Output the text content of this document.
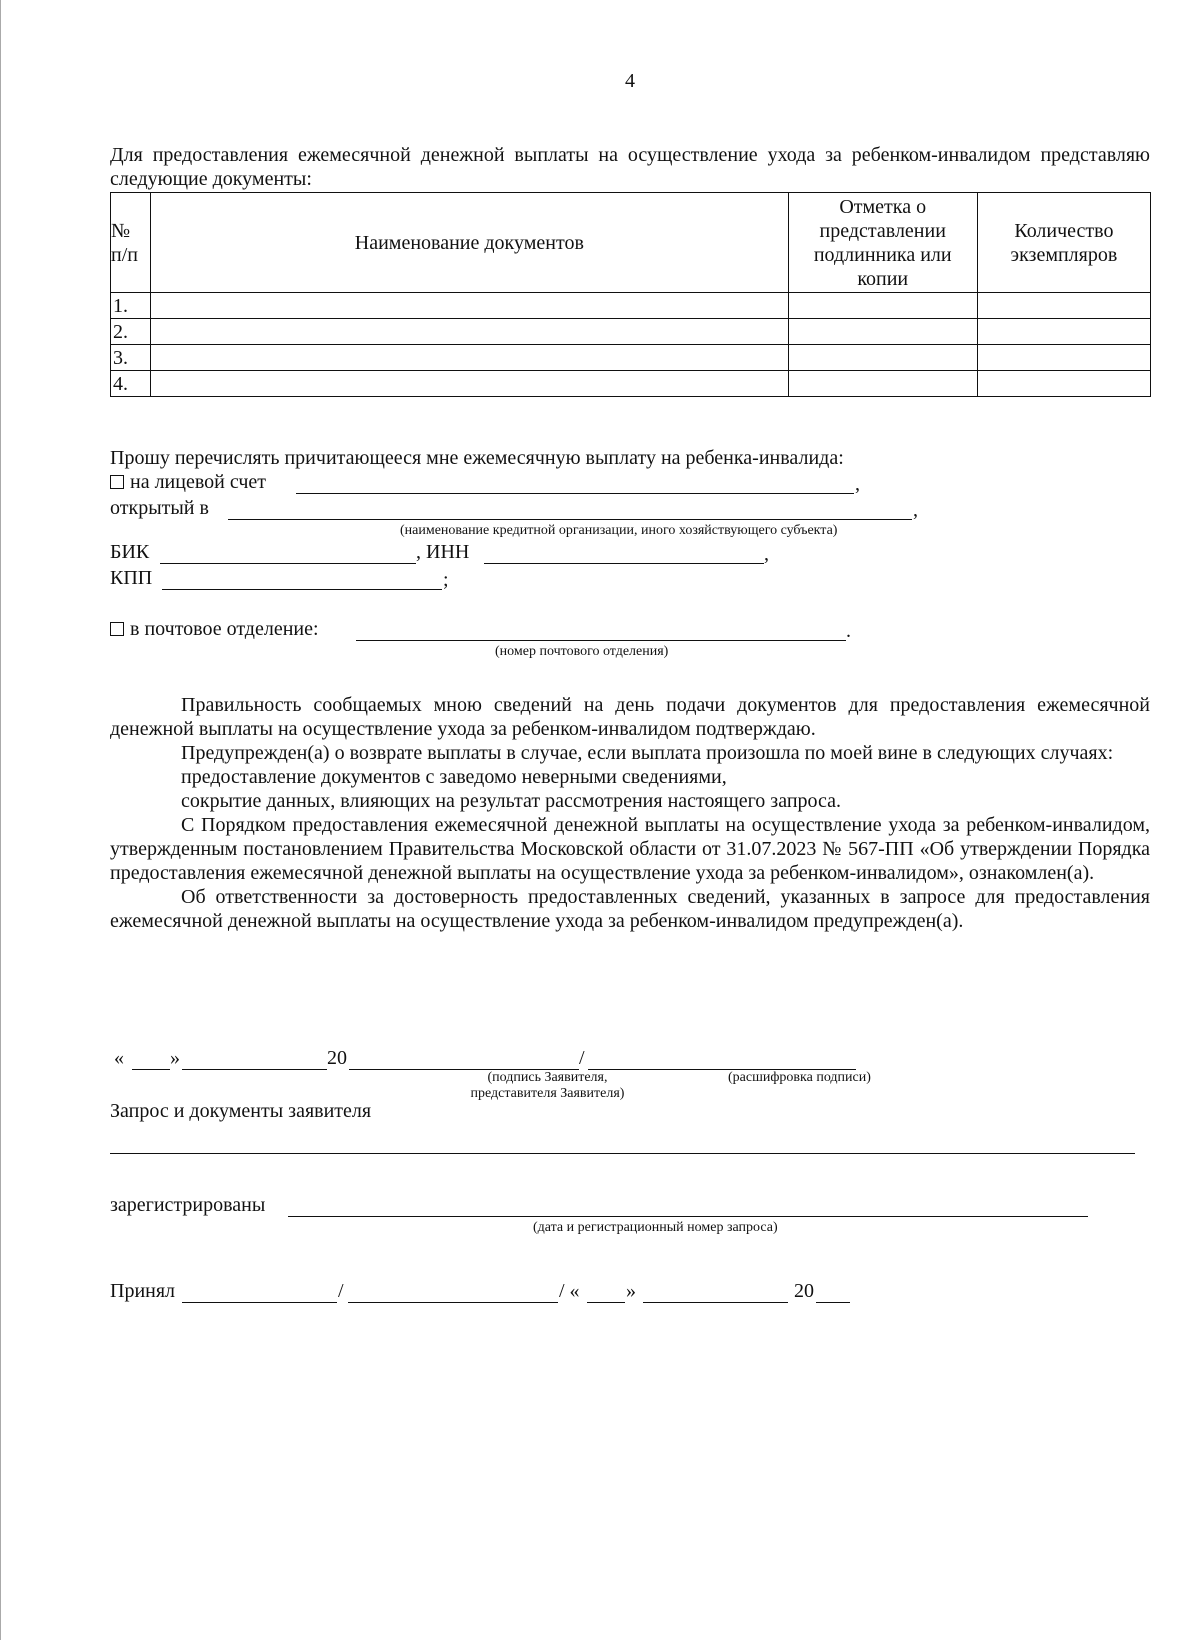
4
Для предоставления ежемесячной денежной выплаты на осуществление ухода за ребенком-инвалидом представляю следующие документы:
№ п/п	Наименование документов	Отметка о представлении подлинника или копии	Количество экземпляров
1.			
2.			
3.			
4.			
Прошу перечислять причитающееся мне ежемесячную выплату на ребенка-инвалида:
на лицевой счет	,
открытый в	,
(наименование кредитной организации, иного хозяйствующего субъекта)
БИК	, ИНН	,
КПП	;
в почтовое отделение:	.
(номер почтового отделения)
Правильность сообщаемых мною сведений на день подачи документов для предоставления ежемесячной денежной выплаты на осуществление ухода за ребенком-инвалидом подтверждаю.
Предупрежден(а) о возврате выплаты в случае, если выплата произошла по моей вине в следующих случаях:
предоставление документов с заведомо неверными сведениями,
сокрытие данных, влияющих на результат рассмотрения настоящего запроса.
С Порядком предоставления ежемесячной денежной выплаты на осуществление ухода за ребенком-инвалидом, утвержденным постановлением Правительства Московской области от 31.07.2023 № 567-ПП «Об утверждении Порядка предоставления ежемесячной денежной выплаты на осуществление ухода за ребенком-инвалидом», ознакомлен(а).
Об ответственности за достоверность предоставленных сведений, указанных в запросе для предоставления ежемесячной денежной выплаты на осуществление ухода за ребенком-инвалидом предупрежден(а).
« »	20	/
(подпись Заявителя, представителя Заявителя)
(расшифровка подписи)
Запрос и документы заявителя
зарегистрированы
(дата и регистрационный номер запроса)
Принял	/	/ « »	20
